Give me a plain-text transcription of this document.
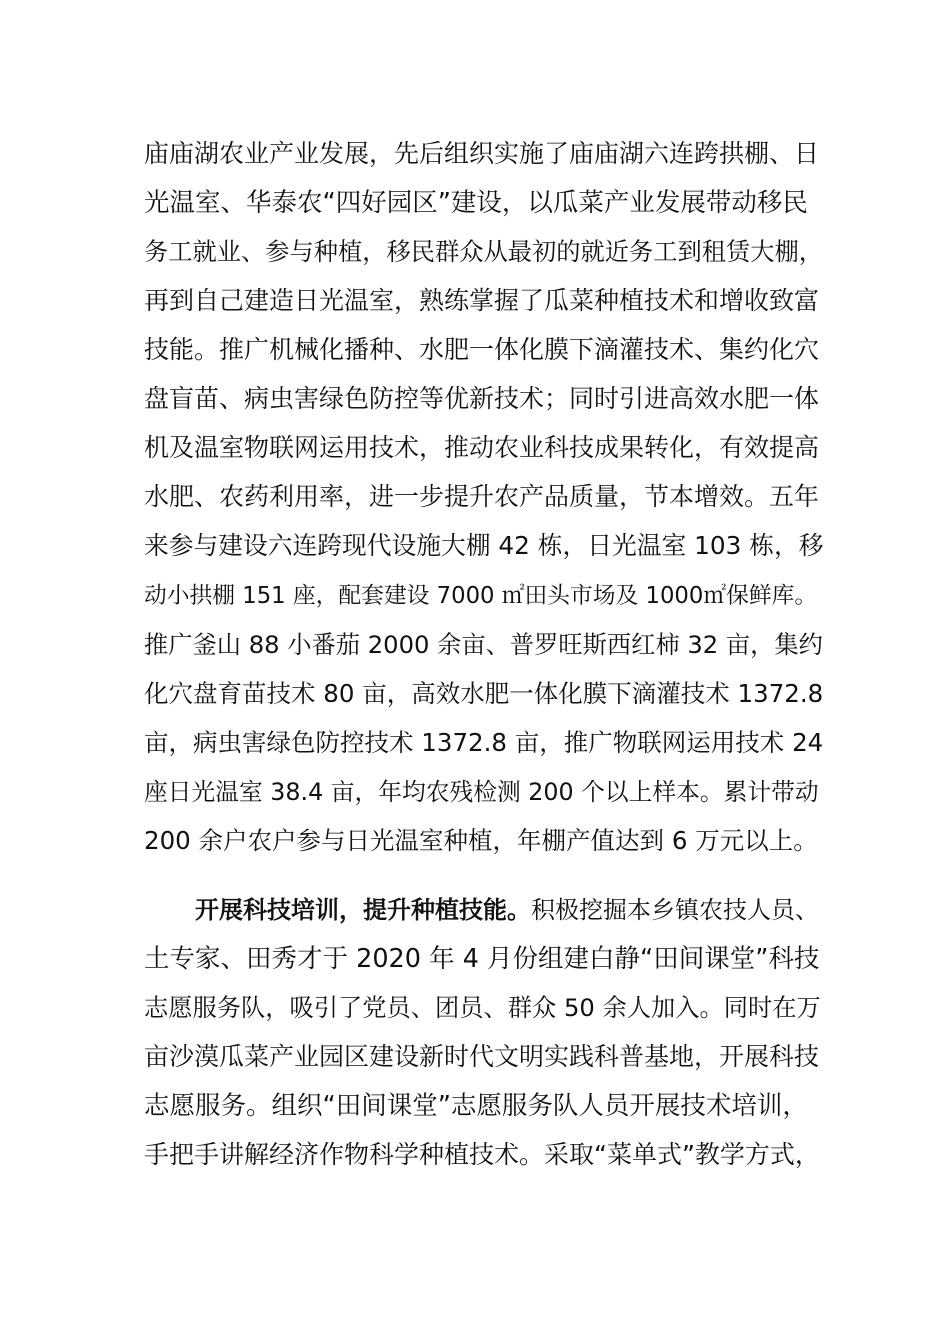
庙庙湖农业产业发展，先后组织实施了庙庙湖六连跨拱棚、日
光温室、华泰农“四好园区”建设，以瓜菜产业发展带动移民
务工就业、参与种植，移民群众从最初的就近务工到租赁大棚，
再到自己建造日光温室，熟练掌握了瓜菜种植技术和增收致富
技能。推广机械化播种、水肥一体化膜下滴灌技术、集约化穴
盘盲苗、病虫害绿色防控等优新技术；同时引进高效水肥一体
机及温室物联网运用技术，推动农业科技成果转化，有效提高
水肥、农药利用率，进一步提升农产品质量，节本增效。五年
来参与建设六连跨现代设施大棚 42 栋，日光温室 103 栋，移
动小拱棚 151 座，配套建设 7000 ㎡田头市场及 1000㎡保鲜库。
推广釜山 88 小番茄 2000 余亩、普罗旺斯西红柿 32 亩，集约
化穴盘育苗技术 80 亩，高效水肥一体化膜下滴灌技术 1372.8
亩，病虫害绿色防控技术 1372.8 亩，推广物联网运用技术 24
座日光温室 38.4 亩，年均农残检测 200 个以上样本。累计带动
200 余户农户参与日光温室种植，年棚产值达到 6 万元以上。
开展科技培训，提升种植技能。积极挖掘本乡镇农技人员、
土专家、田秀才于 2020 年 4 月份组建白静“田间课堂”科技
志愿服务队，吸引了党员、团员、群众 50 余人加入。同时在万
亩沙漠瓜菜产业园区建设新时代文明实践科普基地，开展科技
志愿服务。组织“田间课堂”志愿服务队人员开展技术培训，
手把手讲解经济作物科学种植技术。采取“菜单式”教学方式，
